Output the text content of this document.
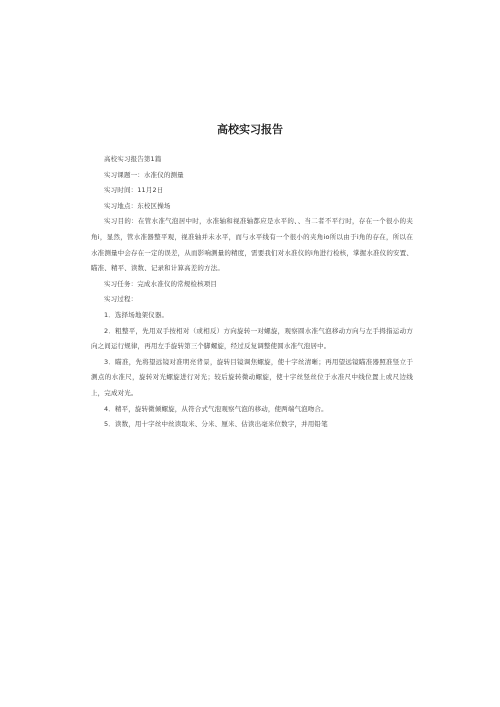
高校实习报告

高校实习报告第1篇

实习课题一：水准仪的测量

实习时间：11月2日

实习地点：东校区操场

实习目的：在管水准气泡居中时，水准轴和视准轴都应是水平的、、当二者不平行时，存在一个很小的夹角i，显然，管水准器整平观，视准轴并未水平，而与水平线有一个很小的夹角io所以由于i角的存在，所以在水准测量中会存在一定的误差，从而影响测量的精度，需要我们对水准仪的i角进行检核，掌握水准仪的安置、瞄准、精平、读数、记录和计算高差的方法。

实习任务：完成水准仪的常规检核项目

实习过程：

1．选择场地架仪器。

2．粗整平，先用双手按相对（或相反）方向旋转一对螺旋，观察圆水准气泡移动方向与左手拇指运动方向之间运行规律，再用左手旋转第三个脚螺旋，经过反复调整使圆水准气泡居中。

3．瞄准，先将望远镜对准明亮背景，旋转目镜调焦螺旋，使十字丝清晰；再用望远镜瞄准器照准竖立于测点的水准尺，旋转对光螺旋进行对光；较后旋转微动螺旋，使十字丝竖丝位于水准尺中线位置上或尺边线上，完成对光。

4．精平，旋转微倾螺旋，从符合式气泡观察气泡的移动，使两端气泡吻合。

5．读数，用十字丝中丝读取米、分米、厘米、估读出毫米位数字，并用铅笔
